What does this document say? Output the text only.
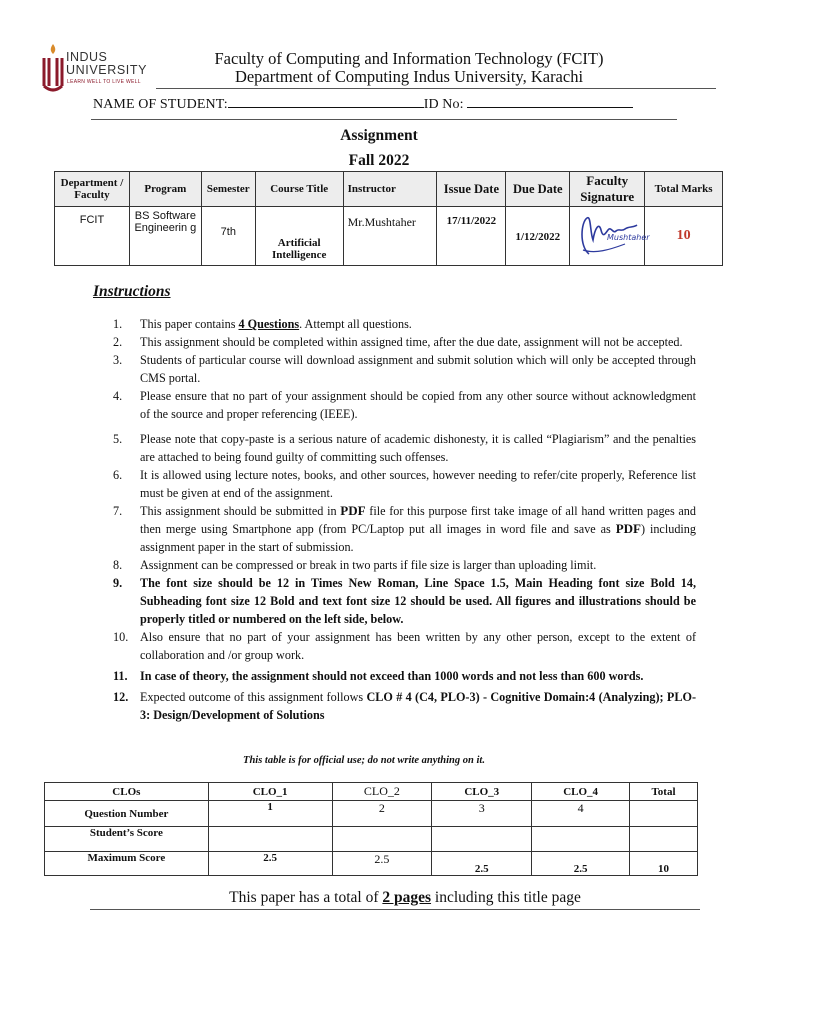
INDUS
UNIVERSITY
LEARN WELL TO LIVE WELL
Faculty of Computing and Information Technology (FCIT)
Department of Computing Indus University, Karachi
NAME OF STUDENT:	ID No:
Assignment
Fall 2022
Department / Faculty	Program	Semester	Course Title	Instructor	Issue Date	Due Date	Faculty Signature	Total Marks
FCIT	BS Software Engineerin g	7th	Artificial Intelligence	Mr.Mushtaher	17/11/2022	1/12/2022	Mushtaher	10
Instructions
1. This paper contains 4 Questions. Attempt all questions.
2. This assignment should be completed within assigned time, after the due date, assignment will not be accepted.
3. Students of particular course will download assignment and submit solution which will only be accepted through CMS portal.
4. Please ensure that no part of your assignment should be copied from any other source without acknowledgment of the source and proper referencing (IEEE).
5. Please note that copy-paste is a serious nature of academic dishonesty, it is called “Plagiarism” and the penalties are attached to being found guilty of committing such offenses.
6. It is allowed using lecture notes, books, and other sources, however needing to refer/cite properly, Reference list must be given at end of the assignment.
7. This assignment should be submitted in PDF file for this purpose first take image of all hand written pages and then merge using Smartphone app (from PC/Laptop put all images in word file and save as PDF) including assignment paper in the start of submission.
8. Assignment can be compressed or break in two parts if file size is larger than uploading limit.
9. The font size should be 12 in Times New Roman, Line Space 1.5, Main Heading font size Bold 14, Subheading font size 12 Bold and text font size 12 should be used. All figures and illustrations should be properly titled or numbered on the left side, below.
10. Also ensure that no part of your assignment has been written by any other person, except to the extent of collaboration and /or group work.
11. In case of theory, the assignment should not exceed than 1000 words and not less than 600 words.
12. Expected outcome of this assignment follows CLO # 4 (C4, PLO-3) - Cognitive Domain:4 (Analyzing); PLO-3: Design/Development of Solutions
This table is for official use; do not write anything on it.
CLOs	CLO_1	CLO_2	CLO_3	CLO_4	Total
Question Number	1	2	3	4	
Student’s Score					
Maximum Score	2.5	2.5	2.5	2.5	10
This paper has a total of 2 pages including this title page
